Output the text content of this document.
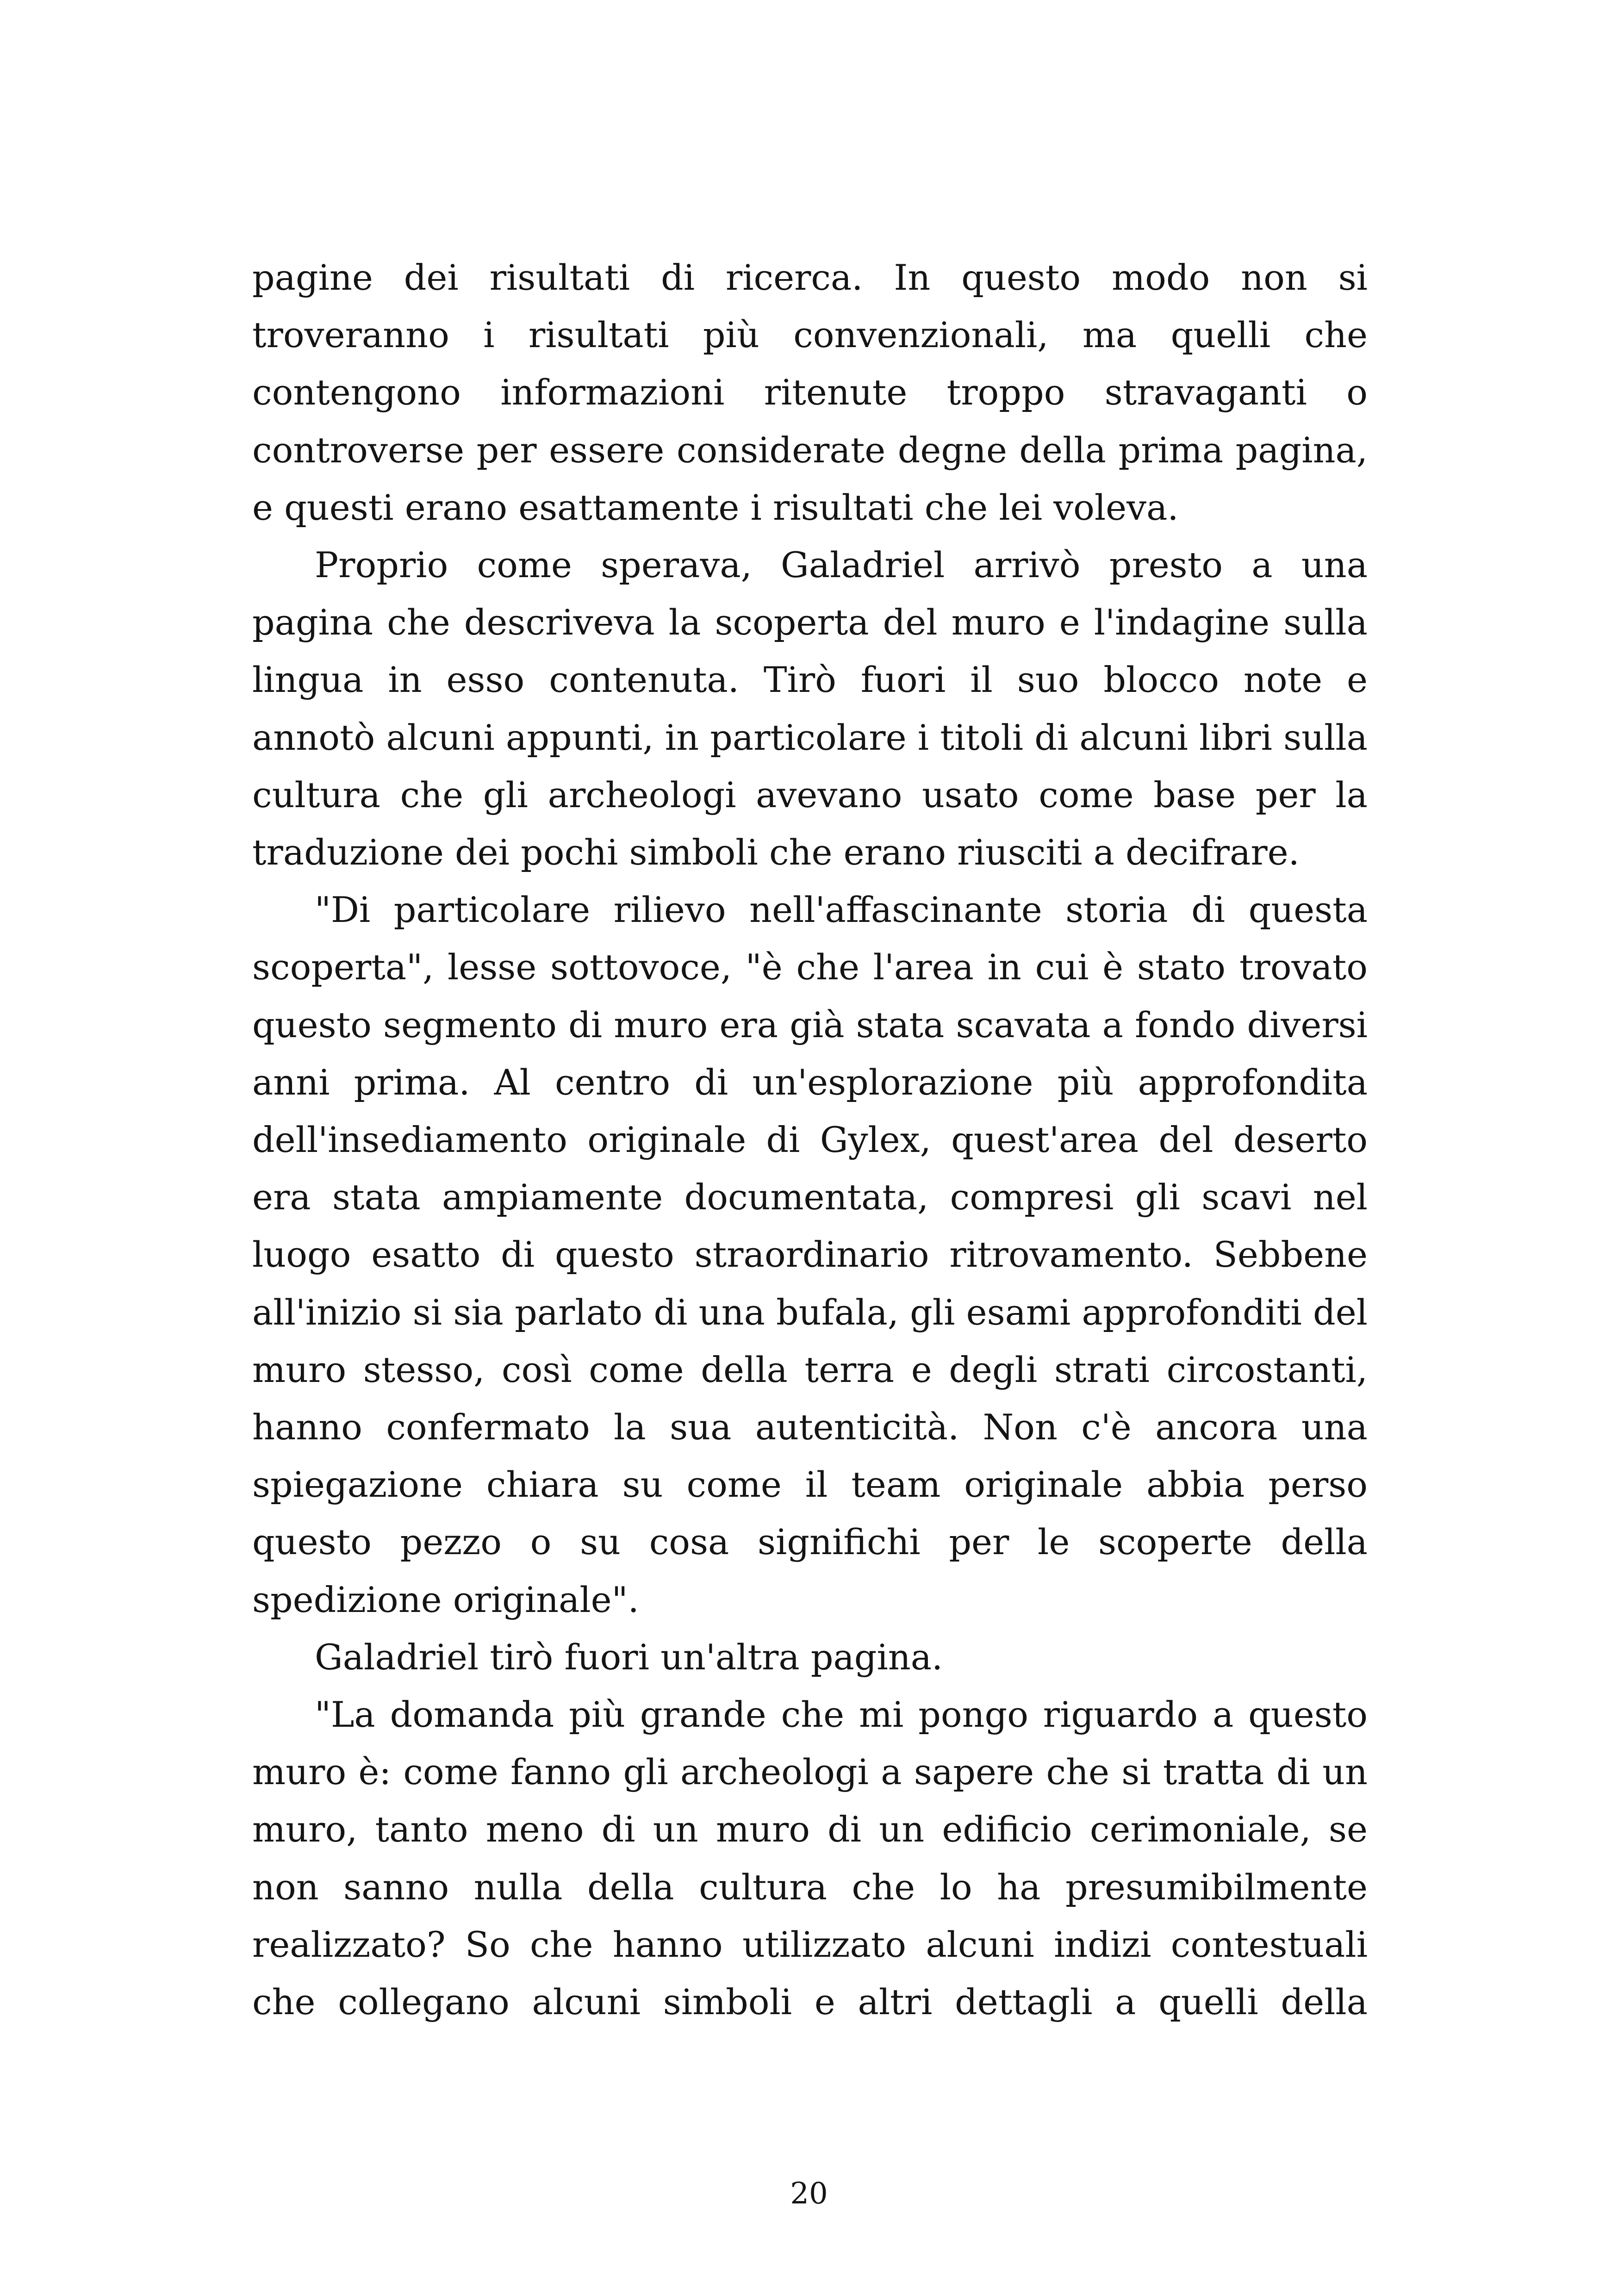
pagine dei risultati di ricerca. In questo modo non si troveranno i risultati più convenzionali, ma quelli che contengono informazioni ritenute troppo stravaganti o controverse per essere considerate degne della prima pagina, e questi erano esattamente i risultati che lei voleva.

Proprio come sperava, Galadriel arrivò presto a una pagina che descriveva la scoperta del muro e l'indagine sulla lingua in esso contenuta. Tirò fuori il suo blocco note e annotò alcuni appunti, in particolare i titoli di alcuni libri sulla cultura che gli archeologi avevano usato come base per la traduzione dei pochi simboli che erano riusciti a decifrare.

"Di particolare rilievo nell'affascinante storia di questa scoperta", lesse sottovoce, "è che l'area in cui è stato trovato questo segmento di muro era già stata scavata a fondo diversi anni prima. Al centro di un'esplorazione più approfondita dell'insediamento originale di Gylex, quest'area del deserto era stata ampiamente documentata, compresi gli scavi nel luogo esatto di questo straordinario ritrovamento. Sebbene all'inizio si sia parlato di una bufala, gli esami approfonditi del muro stesso, così come della terra e degli strati circostanti, hanno confermato la sua autenticità. Non c'è ancora una spiegazione chiara su come il team originale abbia perso questo pezzo o su cosa significhi per le scoperte della spedizione originale".

Galadriel tirò fuori un'altra pagina.

"La domanda più grande che mi pongo riguardo a questo muro è: come fanno gli archeologi a sapere che si tratta di un muro, tanto meno di un muro di un edificio cerimoniale, se non sanno nulla della cultura che lo ha presumibilmente realizzato? So che hanno utilizzato alcuni indizi contestuali che collegano alcuni simboli e altri dettagli a quelli della

20
